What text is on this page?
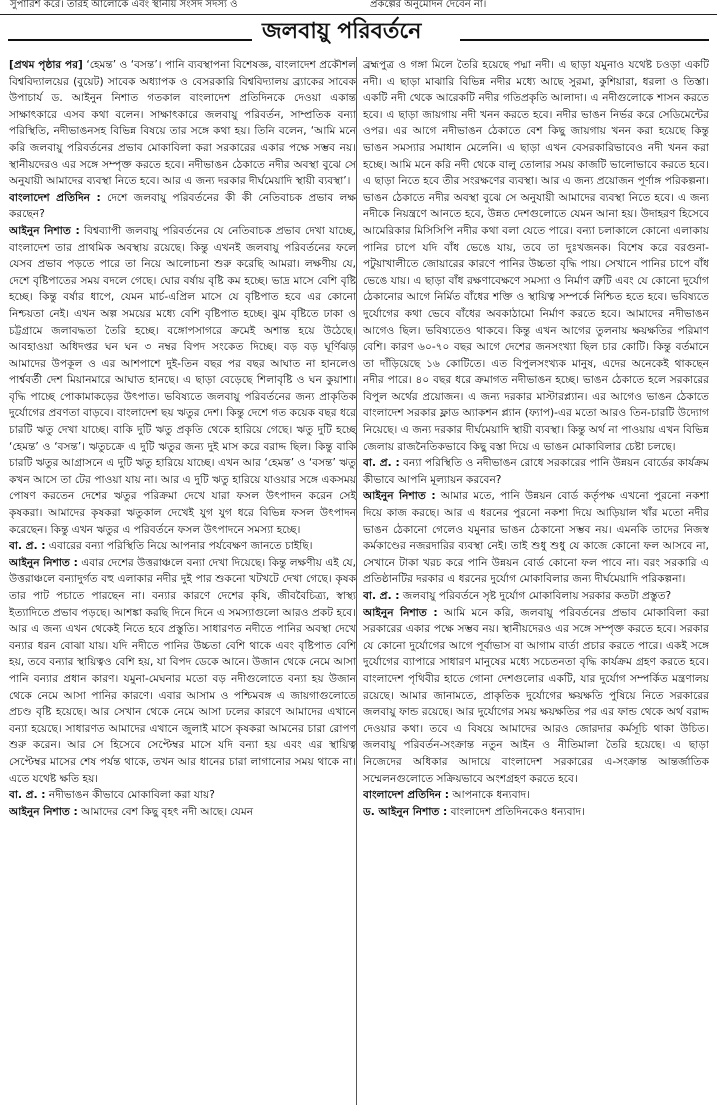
সুপারিশ করে। তারই আলোকে এবং স্থানীয় সংসদ সদস্য ও	প্রকল্পের অনুমোদন দেবেন না।
জলবায়ু পরিবর্তনে

[প্রথম পৃষ্ঠার পর] ‘হেমন্ত’ ও ‘বসন্ত’। পানি ব্যবস্থাপনা বিশেষজ্ঞ, বাংলাদেশ প্রকৌশল বিশ্ববিদ্যালয়ের (বুয়েট) সাবেক অধ্যাপক ও বেসরকারি বিশ্ববিদ্যালয় ব্র্যাকের সাবেক উপাচার্য ড. আইনুন নিশাত গতকাল বাংলাদেশ প্রতিদিনকে দেওয়া একান্ত সাক্ষাৎকারে এসব কথা বলেন। সাক্ষাৎকারে জলবায়ু পরিবর্তন, সাম্প্রতিক বন্যা পরিস্থিতি, নদীভাঙনসহ বিভিন্ন বিষয়ে তার সঙ্গে কথা হয়। তিনি বলেন, ‘আমি মনে করি জলবায়ু পরিবর্তনের প্রভাব মোকাবিলা করা সরকারের একার পক্ষে সম্ভব নয়। স্থানীয়দেরও এর সঙ্গে সম্পৃক্ত করতে হবে। নদীভাঙন ঠেকাতে নদীর অবস্থা বুঝে সে অনুযায়ী আমাদের ব্যবস্থা নিতে হবে। আর এ জন্য দরকার দীর্ঘমেয়াদি স্থায়ী ব্যবস্থা’।

বাংলাদেশ প্রতিদিন : দেশে জলবায়ু পরিবর্তনের কী কী নেতিবাচক প্রভাব লক্ষ করছেন?

আইনুন নিশাত : বিশ্বব্যাপী জলবায়ু পরিবর্তনের যে নেতিবাচক প্রভাব দেখা যাচ্ছে, বাংলাদেশ তার প্রাথমিক অবস্থায় রয়েছে। কিন্তু এখনই জলবায়ু পরিবর্তনের ফলে যেসব প্রভাব পড়তে পারে তা নিয়ে আলোচনা শুরু করেছি আমরা। লক্ষণীয় যে, দেশে বৃষ্টিপাতের সময় বদলে গেছে। ঘোর বর্ষায় বৃষ্টি কম হচ্ছে। ভাদ্র মাসে বেশি বৃষ্টি হচ্ছে। কিন্তু বর্ষার ধাপে, যেমন মার্চ-এপ্রিল মাসে যে বৃষ্টিপাত হবে এর কোনো নিশ্চয়তা নেই। এখন অল্প সময়ের মধ্যে বেশি বৃষ্টিপাত হচ্ছে। ঝুম বৃষ্টিতে ঢাকা ও চট্টগ্রামে জলাবদ্ধতা তৈরি হচ্ছে। বঙ্গোপসাগরে ক্রমেই অশান্ত হয়ে উঠেছে। আবহাওয়া অধিদপ্তর ঘন ঘন ৩ নম্বর বিপদ সংকেত দিচ্ছে। বড় বড় ঘূর্ণিঝড় আমাদের উপকূল ও এর আশপাশে দুই-তিন বছর পর বছর আঘাত না হানলেও পার্শ্ববর্তী দেশ মিয়ানমারে আঘাত হানছে। এ ছাড়া বেড়েছে শিলাবৃষ্টি ও ঘন কুয়াশা। বৃদ্ধি পাচ্ছে পোকামাকড়ের উৎপাত। ভবিষ্যতে জলবায়ু পরিবর্তনের জন্য প্রাকৃতিক দুর্যোগের প্রবণতা বাড়বে। বাংলাদেশ ছয় ঋতুর দেশ। কিন্তু দেশে গত কয়েক বছর ধরে চারটি ঋতু দেখা যাচ্ছে। বাকি দুটি ঋতু প্রকৃতি থেকে হারিয়ে গেছে। ঋতু দুটি হচ্ছে ‘হেমন্ত’ ও ‘বসন্ত’। ঋতুচক্রে এ দুটি ঋতুর জন্য দুই মাস করে বরাদ্দ ছিল। কিন্তু বাকি চারটি ঋতুর আগ্রাসনে এ দুটি ঋতু হারিয়ে যাচ্ছে। এখন আর ‘হেমন্ত’ ও ‘বসন্ত’ ঋতু কখন আসে তা টের পাওয়া যায় না। আর এ দুটি ঋতু হারিয়ে যাওয়ার সঙ্গে একসময় পোষণ করতেন দেশের ঋতুর পরিক্রমা দেখে যারা ফসল উৎপাদন করেন সেই কৃষকরা। আমাদের কৃষকরা ঋতুকাল দেখেই যুগ যুগ ধরে বিভিন্ন ফসল উৎপাদন করেছেন। কিন্তু এখন ঋতুর এ পরিবর্তনে ফসল উৎপাদনে সমস্যা হচ্ছে।

বা. প্র. : এবারের বন্যা পরিস্থিতি নিয়ে আপনার পর্যবেক্ষণ জানতে চাইছি।

আইনুন নিশাত : এবার দেশের উত্তরাঞ্চলে বন্যা দেখা দিয়েছে। কিন্তু লক্ষণীয় এই যে, উত্তরাঞ্চলে বন্যাদুর্গত বহু এলাকার নদীর দুই পার শুকনো খটখটে দেখা গেছে। কৃষক তার পাট পচাতে পারছেন না। বন্যার কারণে দেশের কৃষি, জীববৈচিত্র্য, স্বাস্থ্য ইত্যাদিতে প্রভাব পড়ছে। আশঙ্কা করছি দিনে দিনে এ সমস্যাগুলো আরও প্রকট হবে। আর এ জন্য এখন থেকেই নিতে হবে প্রস্তুতি। সাধারণত নদীতে পানির অবস্থা দেখে বন্যার ধরন বোঝা যায়। যদি নদীতে পানির উচ্চতা বেশি থাকে এবং বৃষ্টিপাত বেশি হয়, তবে বন্যার স্থায়িত্বও বেশি হয়, যা বিপদ ডেকে আনে। উজান থেকে নেমে আসা পানি বন্যার প্রধান কারণ। যমুনা-মেঘনার মতো বড় নদীগুলোতে বন্যা হয় উজান থেকে নেমে আসা পানির কারণে। এবার আসাম ও পশ্চিমবঙ্গ এ জায়গাগুলোতে প্রচণ্ড বৃষ্টি হয়েছে। আর সেখান থেকে নেমে আসা ঢলের কারণে আমাদের এখানে বন্যা হয়েছে। সাধারণত আমাদের এখানে জুলাই মাসে কৃষকরা আমনের চারা রোপণ শুরু করেন। আর সে হিসেবে সেপ্টেম্বর মাসে যদি বন্যা হয় এবং এর স্থায়িত্ব সেপ্টেম্বর মাসের শেষ পর্যন্ত থাকে, তখন আর ধানের চারা লাগানোর সময় থাকে না। এতে যথেষ্ট ক্ষতি হয়।

বা. প্র. : নদীভাঙন কীভাবে মোকাবিলা করা যায়?

আইনুন নিশাত : আমাদের বেশ কিছু বৃহৎ নদী আছে। যেমন

ব্রহ্মপুত্র ও গঙ্গা মিলে তৈরি হয়েছে পদ্মা নদী। এ ছাড়া যমুনাও যথেষ্ট চওড়া একটি নদী। এ ছাড়া মাঝারি বিভিন্ন নদীর মধ্যে আছে সুরমা, কুশিয়ারা, ধরলা ও তিস্তা। একটি নদী থেকে আরেকটি নদীর গতিপ্রকৃতি আলাদা। এ নদীগুলোকে শাসন করতে হবে। এ ছাড়া জায়গায় নদী খনন করতে হবে। নদীর ভাঙন নির্ভর করে সেডিমেন্টের ওপর। এর আগে নদীভাঙন ঠেকাতে বেশ কিছু জায়গায় খনন করা হয়েছে কিন্তু ভাঙন সমস্যার সমাধান মেলেনি। এ ছাড়া এখন বেসরকারিভাবেও নদী খনন করা হচ্ছে। আমি মনে করি নদী থেকে বালু তোলার সময় কাজটি ভালোভাবে করতে হবে। এ ছাড়া নিতে হবে তীর সংরক্ষণের ব্যবস্থা। আর এ জন্য প্রয়োজন পূর্ণাঙ্গ পরিকল্পনা। ভাঙন ঠেকাতে নদীর অবস্থা বুঝে সে অনুযায়ী আমাদের ব্যবস্থা নিতে হবে। এ জন্য নদীকে নিয়ন্ত্রণে আনতে হবে, উন্নত দেশগুলোতে যেমন আনা হয়। উদাহরণ হিসেবে আমেরিকার মিসিসিপি নদীর কথা বলা যেতে পারে। বন্যা চলাকালে কোনো এলাকায় পানির চাপে যদি বাঁধ ভেঙে যায়, তবে তা দুঃখজনক। বিশেষ করে বরগুনা-পটুয়াখালীতে জোয়ারের কারণে পানির উচ্চতা বৃদ্ধি পায়। সেখানে পানির চাপে বাঁধ ভেঙে যায়। এ ছাড়া বাঁধ রক্ষণাবেক্ষণে সমস্যা ও নির্মাণ ত্রুটি এবং যে কোনো দুর্যোগ ঠেকানোর আগে নির্মিত বাঁধের শক্তি ও স্থায়িত্ব সম্পর্কে নিশ্চিত হতে হবে। ভবিষ্যতে দুর্যোগের কথা ভেবে বাঁধের অবকাঠামো নির্মাণ করতে হবে। আমাদের নদীভাঙন আগেও ছিল। ভবিষ্যতেও থাকবে। কিন্তু এখন আগের তুলনায় ক্ষয়ক্ষতির পরিমাণ বেশি। কারণ ৬০-৭০ বছর আগে দেশের জনসংখ্যা ছিল চার কোটি। কিন্তু বর্তমানে তা দাঁড়িয়েছে ১৬ কোটিতে। এত বিপুলসংখ্যক মানুষ, এদের অনেকেই থাকছেন নদীর পারে। ৪০ বছর ধরে ক্রমাগত নদীভাঙন হচ্ছে। ভাঙন ঠেকাতে হলে সরকারের বিপুল অর্থের প্রয়োজন। এ জন্য দরকার মাস্টারপ্ল্যান। এর আগেও ভাঙন ঠেকাতে বাংলাদেশ সরকার ফ্লাড অ্যাকশন প্ল্যান (ফ্যাপ)-এর মতো আরও তিন-চারটি উদ্যোগ নিয়েছে। এ জন্য দরকার দীর্ঘমেয়াদি স্থায়ী ব্যবস্থা। কিন্তু অর্থ না পাওয়ায় এখন বিভিন্ন জেলায় রাজনৈতিকভাবে কিছু বস্তা দিয়ে এ ভাঙন মোকাবিলার চেষ্টা চলছে।

বা. প্র. : বন্যা পরিস্থিতি ও নদীভাঙন রোধে সরকারের পানি উন্নয়ন বোর্ডের কার্যক্রম কীভাবে আপনি মূল্যায়ন করবেন?

আইনুন নিশাত : আমার মতে, পানি উন্নয়ন বোর্ড কর্তৃপক্ষ এখনো পুরনো নকশা দিয়ে কাজ করছে। আর এ ধরনের পুরনো নকশা দিয়ে আড়িয়াল খাঁর মতো নদীর ভাঙন ঠেকানো গেলেও যমুনার ভাঙন ঠেকানো সম্ভব নয়। এমনকি তাদের নিজস্ব কর্মকাণ্ডের নজরদারির ব্যবস্থা নেই। তাই শুধু শুধু যে কাজে কোনো ফল আসবে না, সেখানে টাকা খরচ করে পানি উন্নয়ন বোর্ড কোনো ফল পাবে না। বরং সরকারি এ প্রতিষ্ঠানটির দরকার এ ধরনের দুর্যোগ মোকাবিলার জন্য দীর্ঘমেয়াদি পরিকল্পনা।

বা. প্র. : জলবায়ু পরিবর্তনে সৃষ্ট দুর্যোগ মোকাবিলায় সরকার কতটা প্রস্তুত?

আইনুন নিশাত : আমি মনে করি, জলবায়ু পরিবর্তনের প্রভাব মোকাবিলা করা সরকারের একার পক্ষে সম্ভব নয়। স্থানীয়দেরও এর সঙ্গে সম্পৃক্ত করতে হবে। সরকার যে কোনো দুর্যোগের আগে পূর্বাভাস বা আগাম বার্তা প্রচার করতে পারে। একই সঙ্গে দুর্যোগের ব্যাপারে সাধারণ মানুষের মধ্যে সচেতনতা বৃদ্ধি কার্যক্রম গ্রহণ করতে হবে। বাংলাদেশ পৃথিবীর হাতে গোনা দেশগুলোর একটি, যার দুর্যোগ সম্পর্কিত মন্ত্রণালয় রয়েছে। আমার জানামতে, প্রাকৃতিক দুর্যোগের ক্ষয়ক্ষতি পুষিয়ে নিতে সরকারের জলবায়ু ফান্ড রয়েছে। আর দুর্যোগের সময় ক্ষয়ক্ষতির পর এর ফান্ড থেকে অর্থ বরাদ্দ দেওয়ার কথা। তবে এ বিষয়ে আমাদের আরও জোরদার কর্মসূচি থাকা উচিত। জলবায়ু পরিবর্তন-সংক্রান্ত নতুন আইন ও নীতিমালা তৈরি হয়েছে। এ ছাড়া নিজেদের অধিকার আদায়ে বাংলাদেশ সরকারের এ-সংক্রান্ত আন্তর্জাতিক সম্মেলনগুলোতে সক্রিয়ভাবে অংশগ্রহণ করতে হবে।

বাংলাদেশ প্রতিদিন : আপনাকে ধন্যবাদ।

ড. আইনুন নিশাত : বাংলাদেশ প্রতিদিনকেও ধন্যবাদ।
